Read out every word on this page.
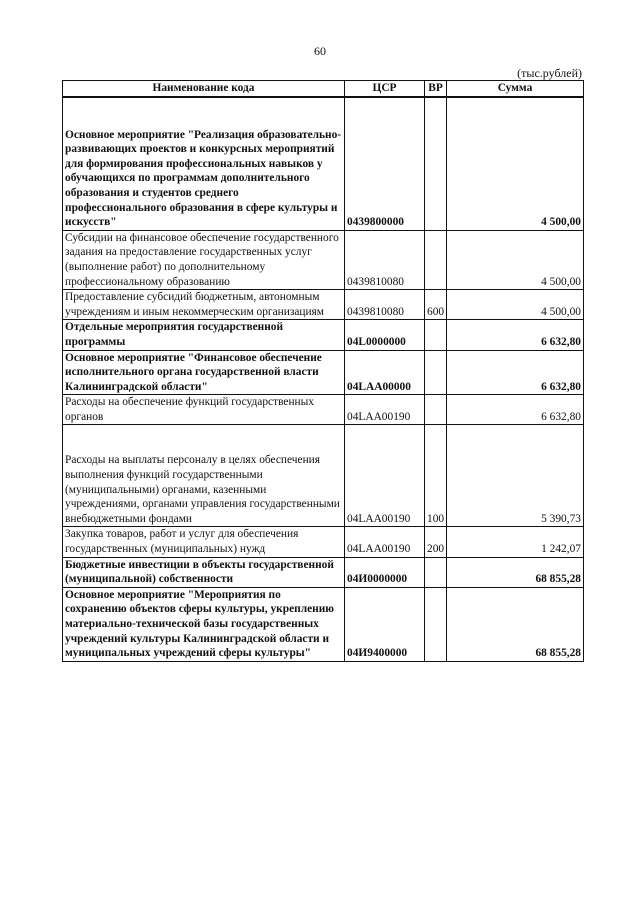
60
(тыс.рублей)
Наименование кода	ЦСР	ВР	Сумма
Основное мероприятие "Реализация образовательно-развивающих проектов и конкурсных мероприятий для формирования профессиональных навыков у обучающихся по программам дополнительного образования и студентов среднего профессионального образования в сфере культуры и искусств"	0439800000		4 500,00
Субсидии на финансовое обеспечение государственного задания на предоставление государственных услуг (выполнение работ) по дополнительному профессиональному образованию	0439810080		4 500,00
Предоставление субсидий бюджетным, автономным учреждениям и иным некоммерческим организациям	0439810080	600	4 500,00
Отдельные мероприятия государственной программы	04L0000000		6 632,80
Основное мероприятие "Финансовое обеспечение исполнительного органа государственной власти Калининградской области"	04LAA00000		6 632,80
Расходы на обеспечение функций государственных органов	04LAA00190		6 632,80
Расходы на выплаты персоналу в целях обеспечения выполнения функций государственными (муниципальными) органами, казенными учреждениями, органами управления государственными внебюджетными фондами	04LAA00190	100	5 390,73
Закупка товаров, работ и услуг для обеспечения государственных (муниципальных) нужд	04LAA00190	200	1 242,07
Бюджетные инвестиции в объекты государственной (муниципальной) собственности	04И0000000		68 855,28
Основное мероприятие "Мероприятия по сохранению объектов сферы культуры, укреплению материально-технической базы государственных учреждений культуры Калининградской области и муниципальных учреждений сферы культуры"	04И9400000		68 855,28
